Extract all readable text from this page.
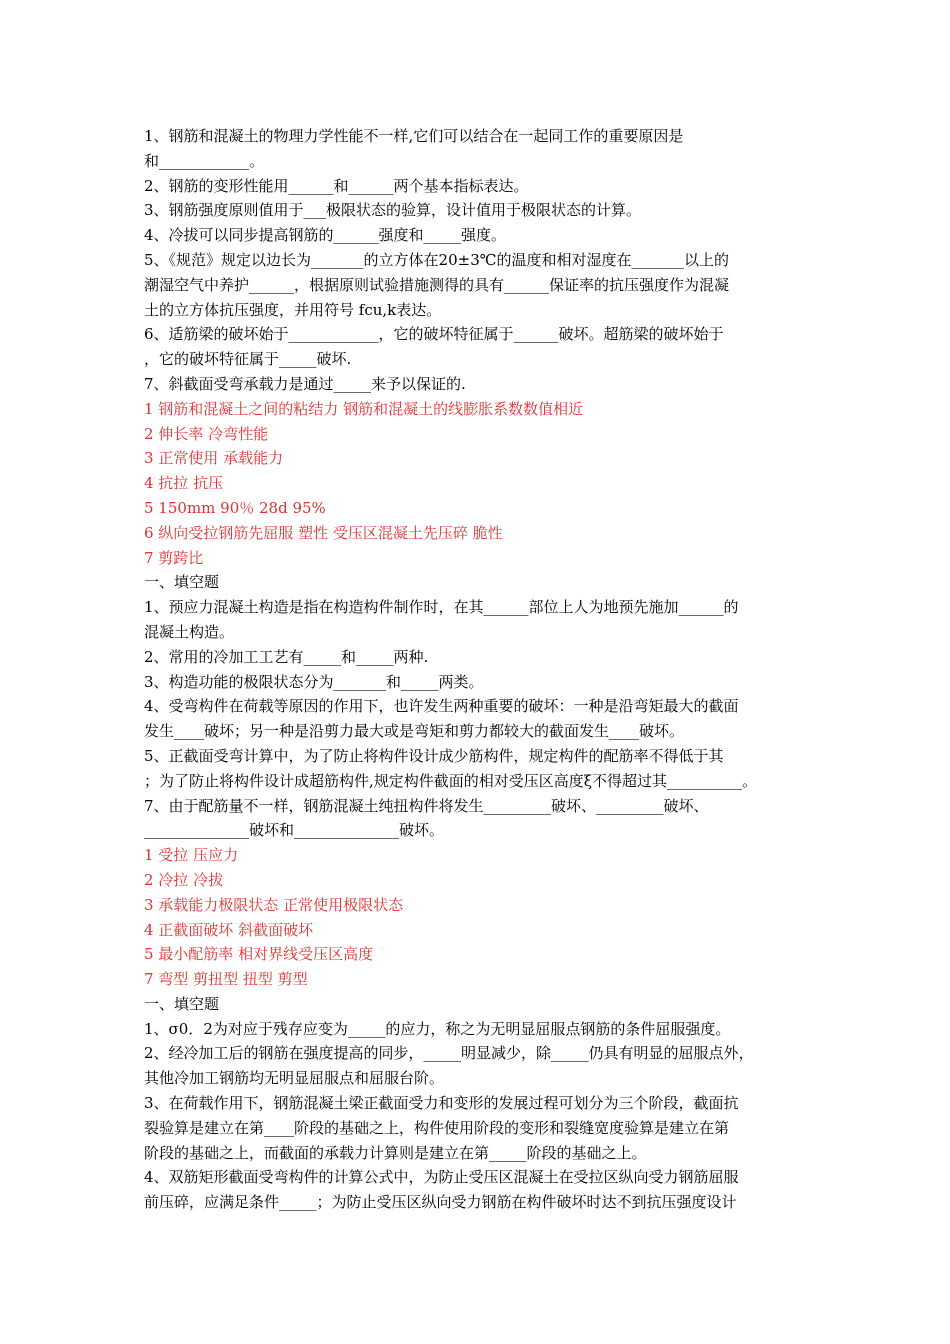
1、钢筋和混凝土的物理力学性能不一样,它们可以结合在一起同工作的重要原因是
和____________。
2、钢筋的变形性能用______和______两个基本指标表达。
3、钢筋强度原则值用于___极限状态的验算，设计值用于极限状态的计算。
4、冷拔可以同步提高钢筋的______强度和_____强度。
5、《规范》规定以边长为_______的立方体在20±3℃的温度和相对湿度在_______以上的
潮湿空气中养护______，根据原则试验措施测得的具有______保证率的抗压强度作为混凝
土的立方体抗压强度，并用符号 fcu,k表达。
6、适筋梁的破坏始于____________，它的破坏特征属于______破坏。超筋梁的破坏始于
，它的破坏特征属于_____破坏.
7、斜截面受弯承载力是通过_____来予以保证的.
1 钢筋和混凝土之间的粘结力 钢筋和混凝土的线膨胀系数数值相近
2 伸长率 冷弯性能
3 正常使用 承载能力
4 抗拉 抗压
5 150mm 90％ 28d 95%
6 纵向受拉钢筋先屈服 塑性 受压区混凝土先压碎 脆性
7 剪跨比
一、填空题
1、预应力混凝土构造是指在构造构件制作时，在其______部位上人为地预先施加______的
混凝土构造。
2、常用的冷加工工艺有_____和_____两种.
3、构造功能的极限状态分为_______和_____两类。
4、受弯构件在荷载等原因的作用下，也许发生两种重要的破坏：一种是沿弯矩最大的截面
发生____破坏；另一种是沿剪力最大或是弯矩和剪力都较大的截面发生____破坏。
5、正截面受弯计算中，为了防止将构件设计成少筋构件，规定构件的配筋率不得低于其
；为了防止将构件设计成超筋构件,规定构件截面的相对受压区高度ξ不得超过其__________。
7、由于配筋量不一样，钢筋混凝土纯扭构件将发生_________破坏、_________破坏、
______________破坏和______________破坏。
1 受拉 压应力
2 冷拉 冷拔
3 承载能力极限状态 正常使用极限状态
4 正截面破坏 斜截面破坏
5 最小配筋率 相对界线受压区高度
7 弯型 剪扭型 扭型 剪型
一、填空题
1、σ0．2为对应于残存应变为_____的应力，称之为无明显屈服点钢筋的条件屈服强度。
2、经冷加工后的钢筋在强度提高的同步，_____明显减少，除_____仍具有明显的屈服点外，
其他冷加工钢筋均无明显屈服点和屈服台阶。
3、在荷载作用下，钢筋混凝土梁正截面受力和变形的发展过程可划分为三个阶段，截面抗
裂验算是建立在第____阶段的基础之上，构件使用阶段的变形和裂缝宽度验算是建立在第
阶段的基础之上，而截面的承载力计算则是建立在第_____阶段的基础之上。
4、双筋矩形截面受弯构件的计算公式中，为防止受压区混凝土在受拉区纵向受力钢筋屈服
前压碎，应满足条件_____；为防止受压区纵向受力钢筋在构件破坏时达不到抗压强度设计
